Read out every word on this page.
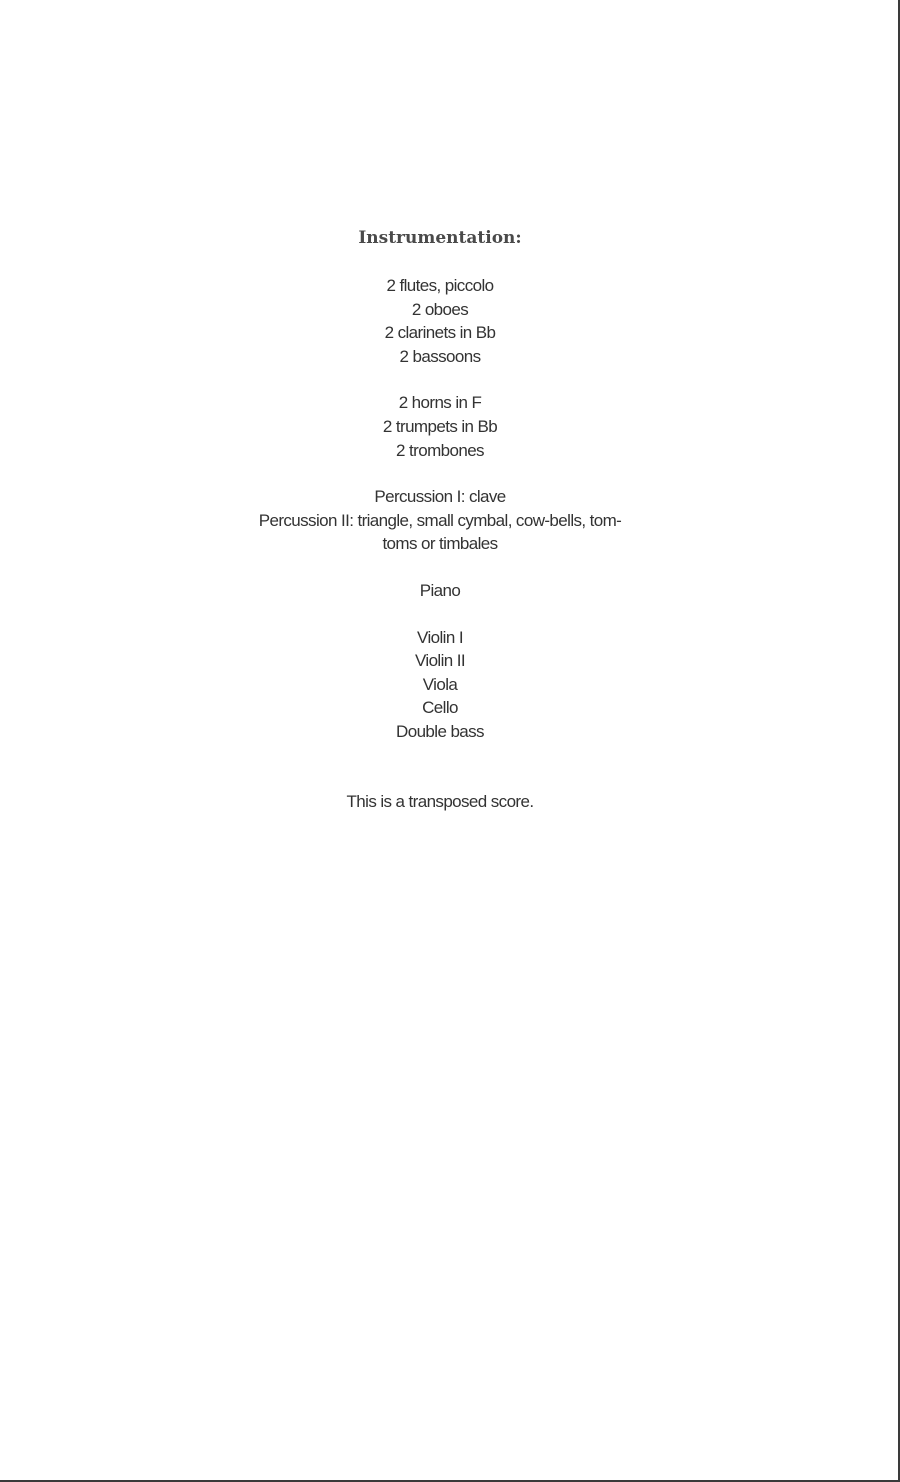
Instrumentation:
2 flutes, piccolo
2 oboes
2 clarinets in Bb
2 bassoons
2 horns in F
2 trumpets in Bb
2 trombones
Percussion I: clave
Percussion II: triangle, small cymbal, cow-bells, tom-
toms or timbales
Piano
Violin I
Violin II
Viola
Cello
Double bass
This is a transposed score.
